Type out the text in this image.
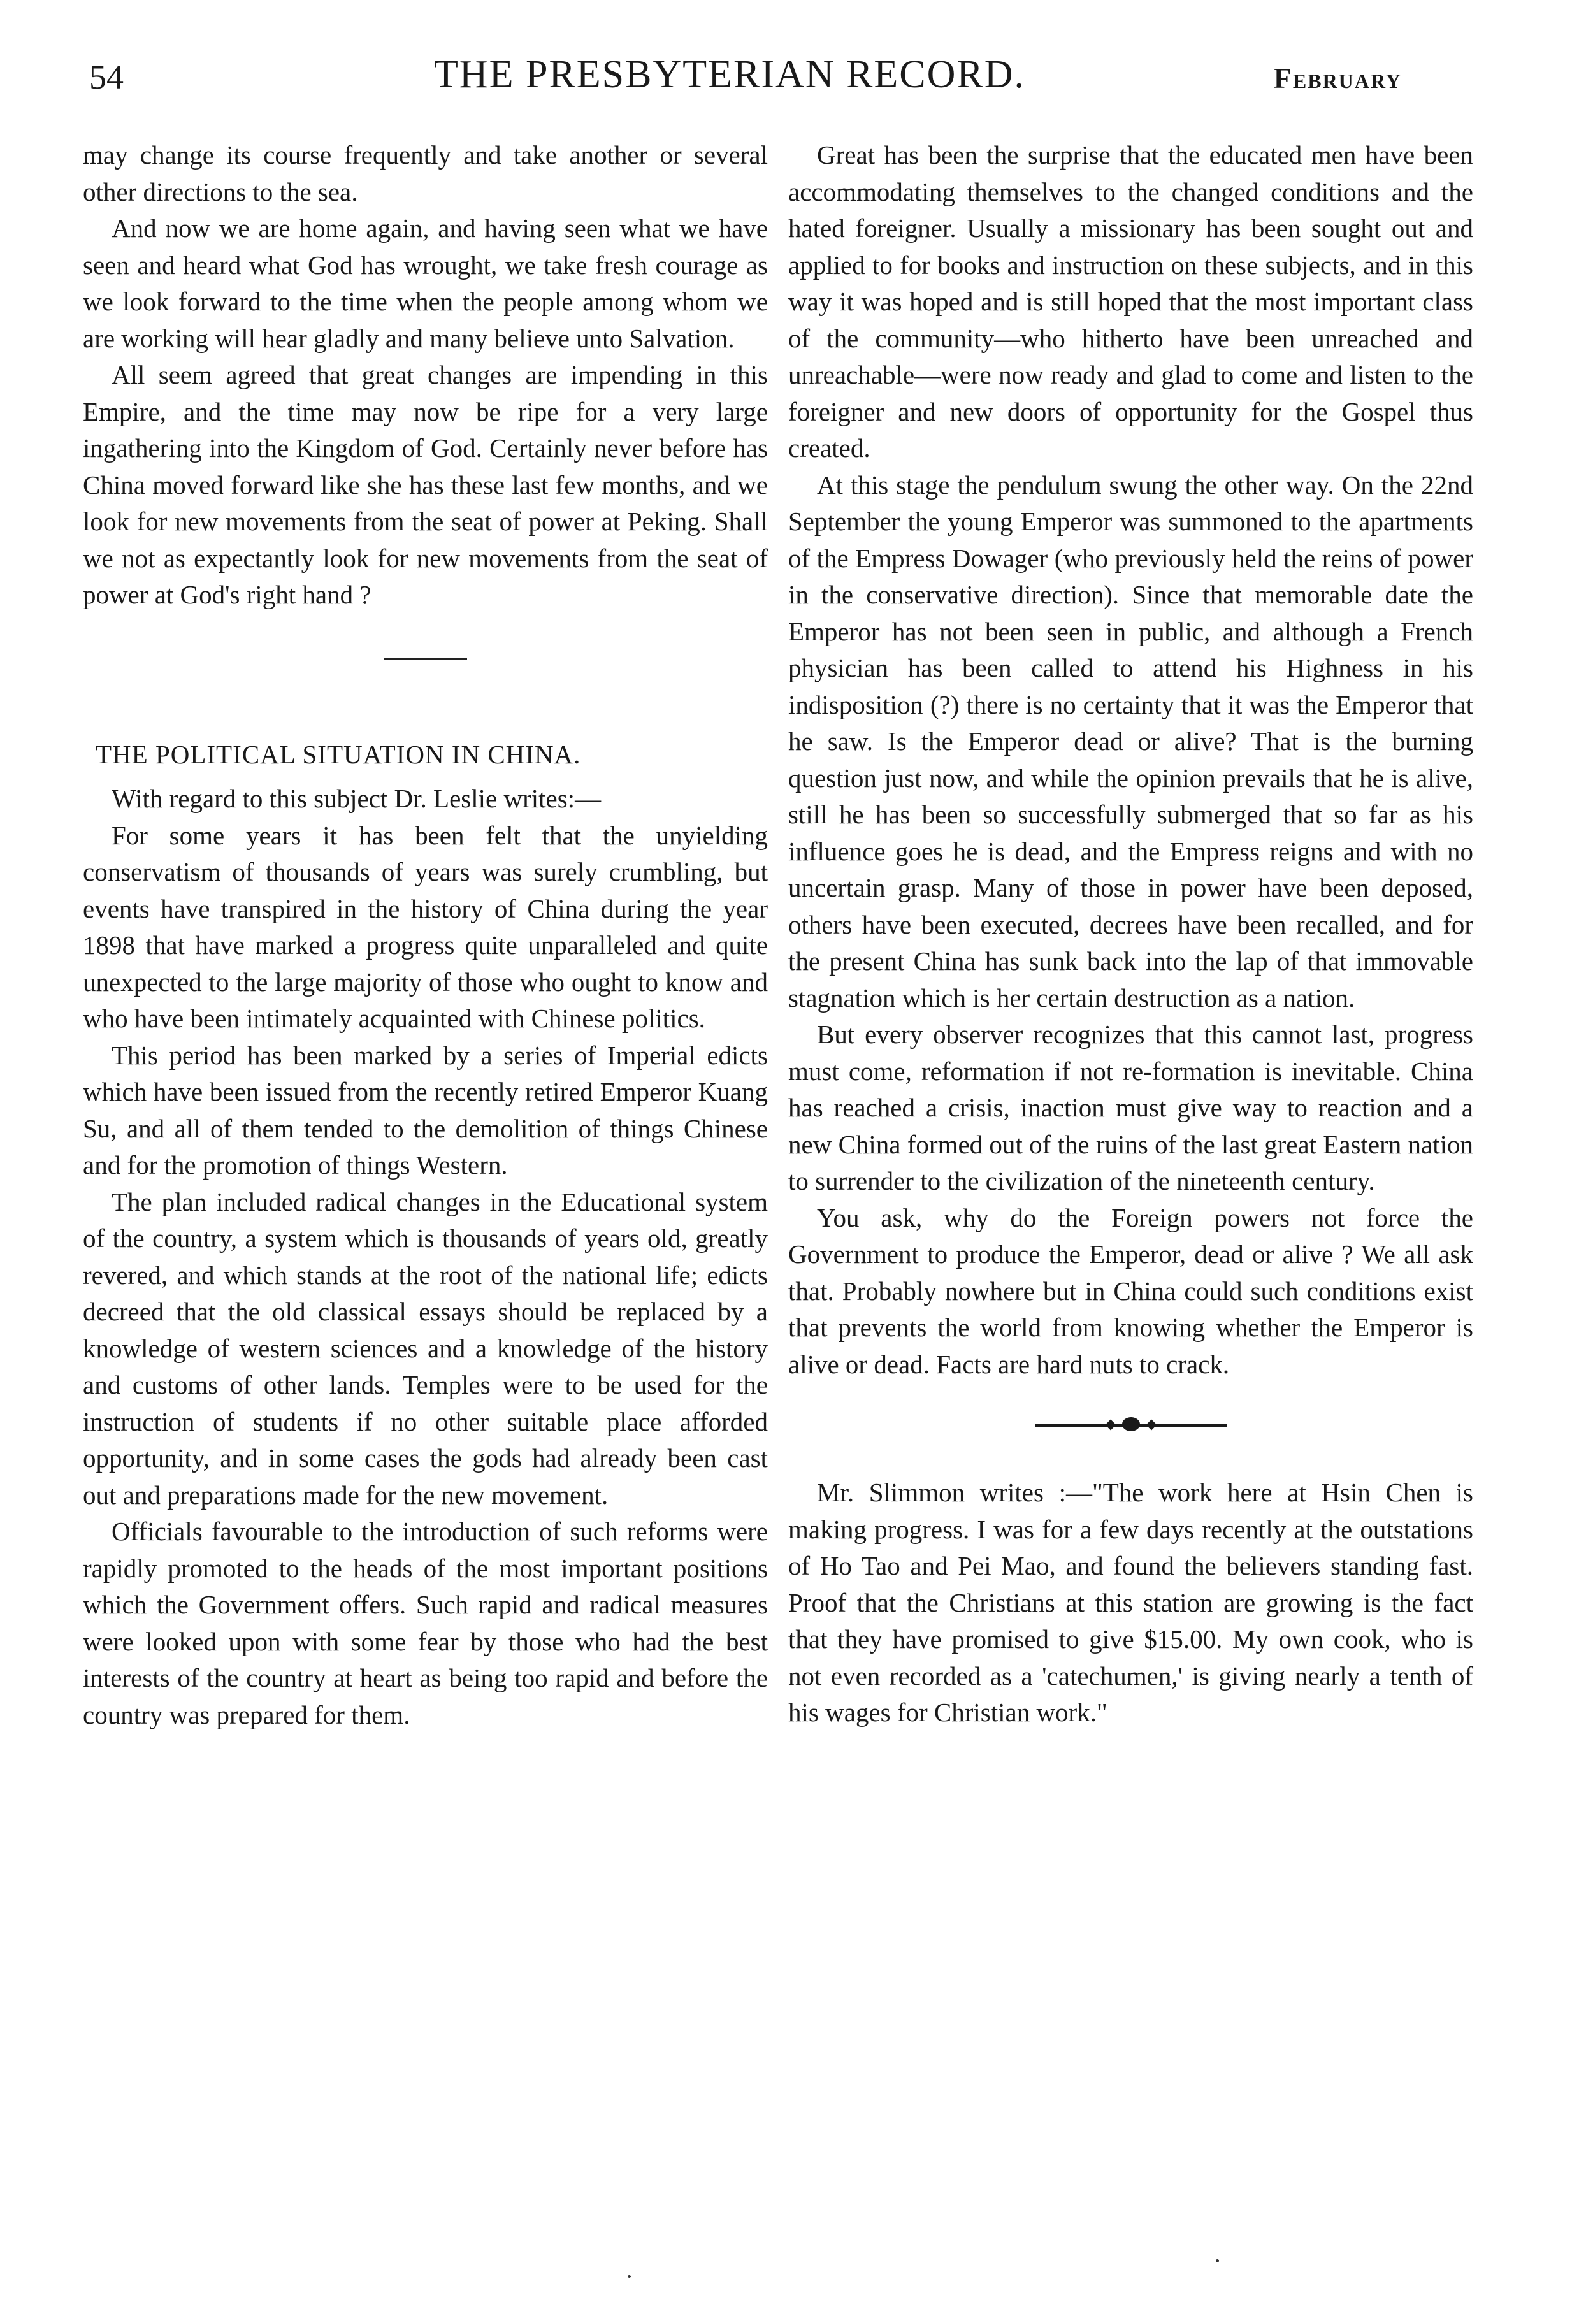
54	THE PRESBYTERIAN RECORD.	February

may change its course frequently and take another or several other directions to the sea.

And now we are home again, and having seen what we have seen and heard what God has wrought, we take fresh courage as we look forward to the time when the people among whom we are working will hear gladly and many believe unto Salvation.

All seem agreed that great changes are impending in this Empire, and the time may now be ripe for a very large ingathering into the Kingdom of God. Certainly never before has China moved forward like she has these last few months, and we look for new movements from the seat of power at Peking. Shall we not as expectantly look for new movements from the seat of power at God's right hand ?

THE POLITICAL SITUATION IN CHINA.

With regard to this subject Dr. Leslie writes:—

For some years it has been felt that the unyielding conservatism of thousands of years was surely crumbling, but events have transpired in the history of China during the year 1898 that have marked a progress quite unparalleled and quite unexpected to the large majority of those who ought to know and who have been intimately acquainted with Chinese politics.

This period has been marked by a series of Imperial edicts which have been issued from the recently retired Emperor Kuang Su, and all of them tended to the demolition of things Chinese and for the promotion of things Western.

The plan included radical changes in the Educational system of the country, a system which is thousands of years old, greatly revered, and which stands at the root of the national life; edicts decreed that the old classical essays should be replaced by a knowledge of western sciences and a knowledge of the history and customs of other lands. Temples were to be used for the instruction of students if no other suitable place afforded opportunity, and in some cases the gods had already been cast out and preparations made for the new movement.

Officials favourable to the introduction of such reforms were rapidly promoted to the heads of the most important positions which the Government offers. Such rapid and radical measures were looked upon with some fear by those who had the best interests of the country at heart as being too rapid and before the country was prepared for them.

Great has been the surprise that the educated men have been accommodating themselves to the changed conditions and the hated foreigner. Usually a missionary has been sought out and applied to for books and instruction on these subjects, and in this way it was hoped and is still hoped that the most important class of the community—who hitherto have been unreached and unreachable—were now ready and glad to come and listen to the foreigner and new doors of opportunity for the Gospel thus created.

At this stage the pendulum swung the other way. On the 22nd September the young Emperor was summoned to the apartments of the Empress Dowager (who previously held the reins of power in the conservative direction). Since that memorable date the Emperor has not been seen in public, and although a French physician has been called to attend his Highness in his indisposition (?) there is no certainty that it was the Emperor that he saw. Is the Emperor dead or alive? That is the burning question just now, and while the opinion prevails that he is alive, still he has been so successfully submerged that so far as his influence goes he is dead, and the Empress reigns and with no uncertain grasp. Many of those in power have been deposed, others have been executed, decrees have been recalled, and for the present China has sunk back into the lap of that immovable stagnation which is her certain destruction as a nation.

But every observer recognizes that this cannot last, progress must come, reformation if not re-formation is inevitable. China has reached a crisis, inaction must give way to reaction and a new China formed out of the ruins of the last great Eastern nation to surrender to the civilization of the nineteenth century.

You ask, why do the Foreign powers not force the Government to produce the Emperor, dead or alive ? We all ask that. Probably nowhere but in China could such conditions exist that prevents the world from knowing whether the Emperor is alive or dead. Facts are hard nuts to crack.

Mr. Slimmon writes :—"The work here at Hsin Chen is making progress. I was for a few days recently at the outstations of Ho Tao and Pei Mao, and found the believers standing fast. Proof that the Christians at this station are growing is the fact that they have promised to give $15.00. My own cook, who is not even recorded as a 'catechumen,' is giving nearly a tenth of his wages for Christian work."
